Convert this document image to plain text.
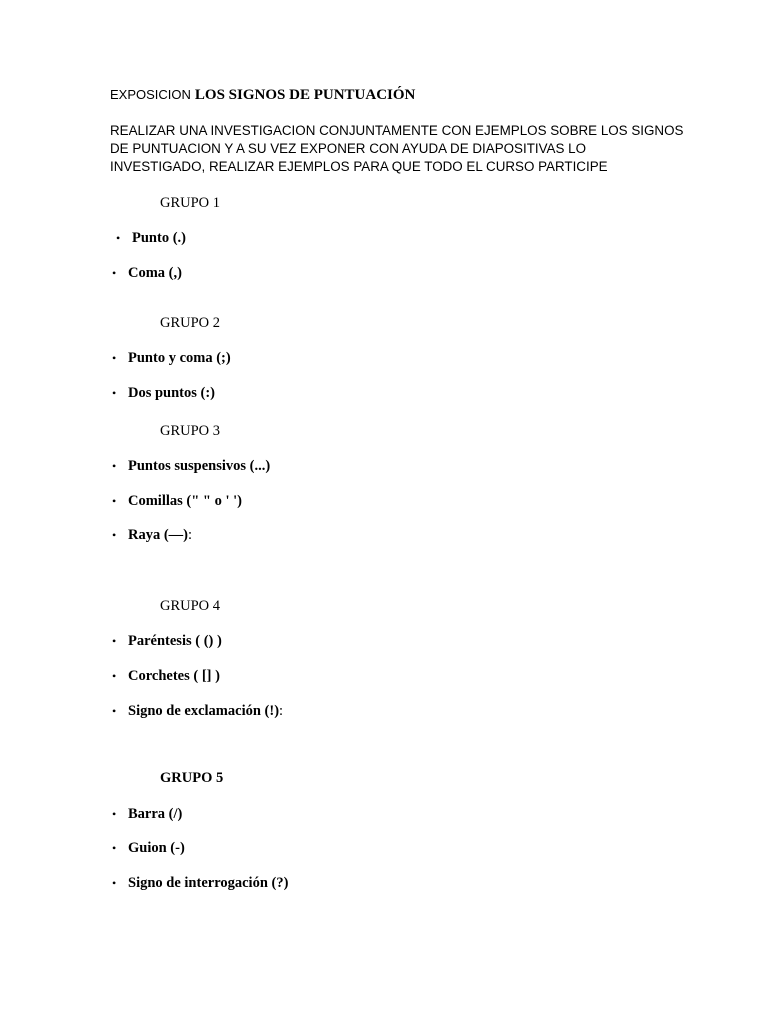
EXPOSICION LOS SIGNOS DE PUNTUACIÓN
REALIZAR UNA INVESTIGACION CONJUNTAMENTE CON EJEMPLOS SOBRE LOS SIGNOS
DE PUNTUACION Y A SU VEZ EXPONER CON AYUDA DE DIAPOSITIVAS LO
INVESTIGADO, REALIZAR EJEMPLOS PARA QUE TODO EL CURSO PARTICIPE
GRUPO 1
• Punto (.)
• Coma (,)
GRUPO 2
• Punto y coma (;)
• Dos puntos (:)
GRUPO 3
• Puntos suspensivos (...)
• Comillas (" " o ' ')
• Raya (—):
GRUPO 4
• Paréntesis ( () )
• Corchetes ( [] )
• Signo de exclamación (!):
GRUPO 5
• Barra (/)
• Guion (-)
• Signo de interrogación (?)
